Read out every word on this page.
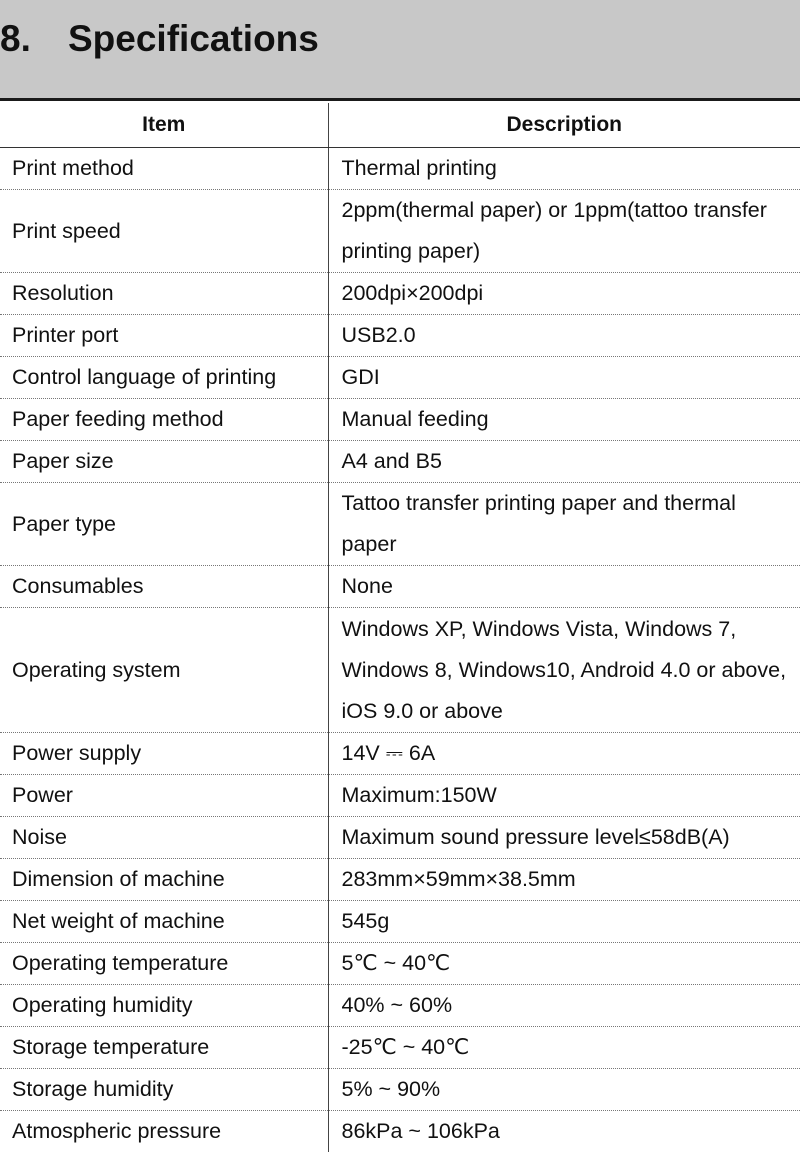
8. Specifications
Item	Description
Print method	Thermal printing
Print speed	2ppm(thermal paper) or 1ppm(tattoo transfer printing paper)
Resolution	200dpi×200dpi
Printer port	USB2.0
Control language of printing	GDI
Paper feeding method	Manual feeding
Paper size	A4 and B5
Paper type	Tattoo transfer printing paper and thermal paper
Consumables	None
Operating system	Windows XP, Windows Vista, Windows 7, Windows 8, Windows10, Android 4.0 or above, iOS 9.0 or above
Power supply	14V ⎓ 6A
Power	Maximum:150W
Noise	Maximum sound pressure level≤58dB(A)
Dimension of machine	283mm×59mm×38.5mm
Net weight of machine	545g
Operating temperature	5℃ ~ 40℃
Operating humidity	40% ~ 60%
Storage temperature	-25℃ ~ 40℃
Storage humidity	5% ~ 90%
Atmospheric pressure	86kPa ~ 106kPa
